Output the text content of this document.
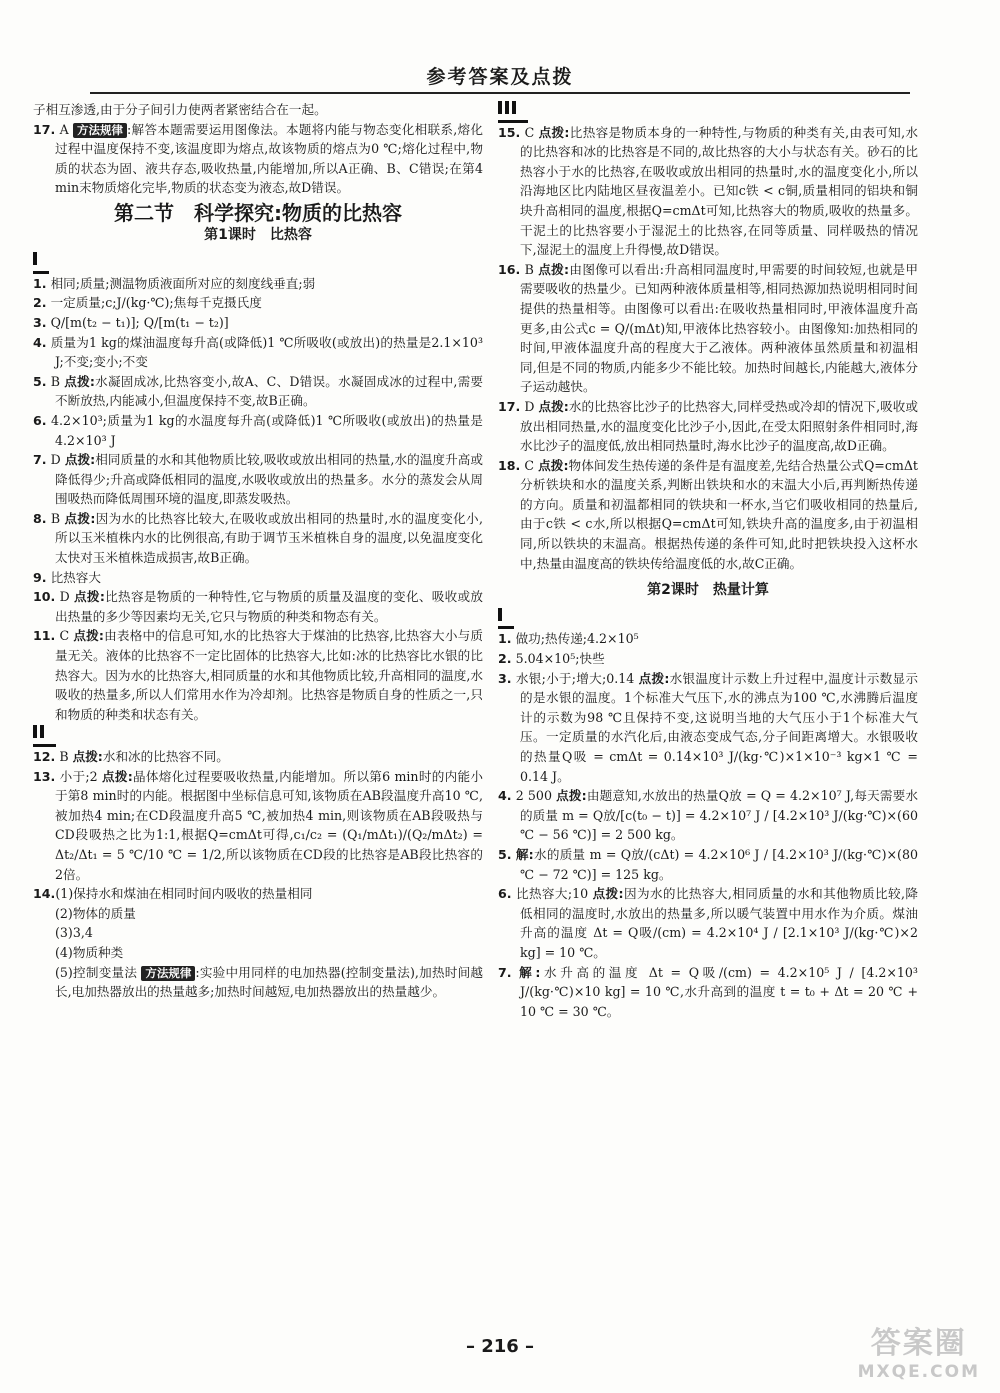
参考答案及点拨

子相互渗透,由于分子间引力使两者紧密结合在一起。

17. A 方法规律 :解答本题需要运用图像法。本题将内能与物态变化相联系,熔化过程中温度保持不变,该温度即为熔点,故该物质的熔点为0 ℃;熔化过程中,物质的状态为固、液共存态,吸收热量,内能增加,所以A正确、B、C错误;在第4 min末物质熔化完毕,物质的状态变为液态,故D错误。

第二节　科学探究:物质的比热容
第1课时　比热容

1. 相同;质量;测温物质液面所对应的刻度线垂直;弱

2. 一定质量;c;J/(kg·℃);焦每千克摄氏度

3. Q/[m(t₂ − t₁)]; Q/[m(t₁ − t₂)]

4. 质量为1 kg的煤油温度每升高(或降低)1 ℃所吸收(或放出)的热量是2.1×10³ J;不变;变小;不变

5. B 点拨:水凝固成冰,比热容变小,故A、C、D错误。水凝固成冰的过程中,需要不断放热,内能减小,但温度保持不变,故B正确。

6. 4.2×10³;质量为1 kg的水温度每升高(或降低)1 ℃所吸收(或放出)的热量是4.2×10³ J

7. D 点拨:相同质量的水和其他物质比较,吸收或放出相同的热量,水的温度升高或降低得少;升高或降低相同的温度,水吸收或放出的热量多。水分的蒸发会从周围吸热而降低周围环境的温度,即蒸发吸热。

8. B 点拨:因为水的比热容比较大,在吸收或放出相同的热量时,水的温度变化小,所以玉米植株内水的比例很高,有助于调节玉米植株自身的温度,以免温度变化太快对玉米植株造成损害,故B正确。

9. 比热容大

10. D 点拨:比热容是物质的一种特性,它与物质的质量及温度的变化、吸收或放出热量的多少等因素均无关,它只与物质的种类和物态有关。

11. C 点拨:由表格中的信息可知,水的比热容大于煤油的比热容,比热容大小与质量无关。液体的比热容不一定比固体的比热容大,比如:冰的比热容比水银的比热容大。因为水的比热容大,相同质量的水和其他物质比较,升高相同的温度,水吸收的热量多,所以人们常用水作为冷却剂。比热容是物质自身的性质之一,只和物质的种类和状态有关。

12. B 点拨:水和冰的比热容不同。

13. 小于;2 点拨:晶体熔化过程要吸收热量,内能增加。所以第6 min时的内能小于第8 min时的内能。根据图中坐标信息可知,该物质在AB段温度升高10 ℃,被加热4 min;在CD段温度升高5 ℃,被加热4 min,则该物质在AB段吸热与CD段吸热之比为1:1,根据Q=cmΔt可得,c₁/c₂ = (Q₁/mΔt₁)/(Q₂/mΔt₂) = Δt₂/Δt₁ = 5 ℃/10 ℃ = 1/2,所以该物质在CD段的比热容是AB段比热容的2倍。

14.(1)保持水和煤油在相同时间内吸收的热量相同

(2)物体的质量

(3)3,4

(4)物质种类

(5)控制变量法 方法规律 :实验中用同样的电加热器(控制变量法),加热时间越长,电加热器放出的热量越多;加热时间越短,电加热器放出的热量越少。

15. C 点拨:比热容是物质本身的一种特性,与物质的种类有关,由表可知,水的比热容和冰的比热容是不同的,故比热容的大小与状态有关。砂石的比热容小于水的比热容,在吸收或放出相同的热量时,水的温度变化小,所以沿海地区比内陆地区昼夜温差小。已知c铁 < c铜,质量相同的铝块和铜块升高相同的温度,根据Q=cmΔt可知,比热容大的物质,吸收的热量多。干泥土的比热容要小于湿泥土的比热容,在同等质量、同样吸热的情况下,湿泥土的温度上升得慢,故D错误。

16. B 点拨:由图像可以看出:升高相同温度时,甲需要的时间较短,也就是甲需要吸收的热量少。已知两种液体质量相等,相同热源加热说明相同时间提供的热量相等。由图像可以看出:在吸收热量相同时,甲液体温度升高更多,由公式c = Q/(mΔt)知,甲液体比热容较小。由图像知:加热相同的时间,甲液体温度升高的程度大于乙液体。两种液体虽然质量和初温相同,但是不同的物质,内能多少不能比较。加热时间越长,内能越大,液体分子运动越快。

17. D 点拨:水的比热容比沙子的比热容大,同样受热或冷却的情况下,吸收或放出相同热量,水的温度变化比沙子小,因此,在受太阳照射条件相同时,海水比沙子的温度低,放出相同热量时,海水比沙子的温度高,故D正确。

18. C 点拨:物体间发生热传递的条件是有温度差,先结合热量公式Q=cmΔt分析铁块和水的温度关系,判断出铁块和水的末温大小后,再判断热传递的方向。质量和初温都相同的铁块和一杯水,当它们吸收相同的热量后,由于c铁 < c水,所以根据Q=cmΔt可知,铁块升高的温度多,由于初温相同,所以铁块的末温高。根据热传递的条件可知,此时把铁块投入这杯水中,热量由温度高的铁块传给温度低的水,故C正确。

第2课时　热量计算

1. 做功;热传递;4.2×10⁵

2. 5.04×10⁵;快些

3. 水银;小于;增大;0.14 点拨:水银温度计示数上升过程中,温度计示数显示的是水银的温度。1个标准大气压下,水的沸点为100 ℃,水沸腾后温度计的示数为98 ℃且保持不变,这说明当地的大气压小于1个标准大气压。一定质量的水汽化后,由液态变成气态,分子间距离增大。水银吸收的热量Q吸 = cmΔt = 0.14×10³ J/(kg·℃)×1×10⁻³ kg×1 ℃ = 0.14 J。

4. 2 500 点拨:由题意知,水放出的热量Q放 = Q = 4.2×10⁷ J,每天需要水的质量 m = Q放/[c(t₀ − t)] = 4.2×10⁷ J / [4.2×10³ J/(kg·℃)×(60 ℃ − 56 ℃)] = 2 500 kg。

5. 解:水的质量 m = Q放/(cΔt) = 4.2×10⁶ J / [4.2×10³ J/(kg·℃)×(80 ℃ − 72 ℃)] = 125 kg。

6. 比热容大;10 点拨:因为水的比热容大,相同质量的水和其他物质比较,降低相同的温度时,水放出的热量多,所以暖气装置中用水作为介质。煤油升高的温度 Δt = Q吸/(cm) = 4.2×10⁴ J / [2.1×10³ J/(kg·℃)×2 kg] = 10 ℃。

7. 解:水升高的温度 Δt = Q吸/(cm) = 4.2×10⁵ J / [4.2×10³ J/(kg·℃)×10 kg] = 10 ℃,水升高到的温度 t = t₀ + Δt = 20 ℃ + 10 ℃ = 30 ℃。

– 216 –	答案圈
MXQE.COM
